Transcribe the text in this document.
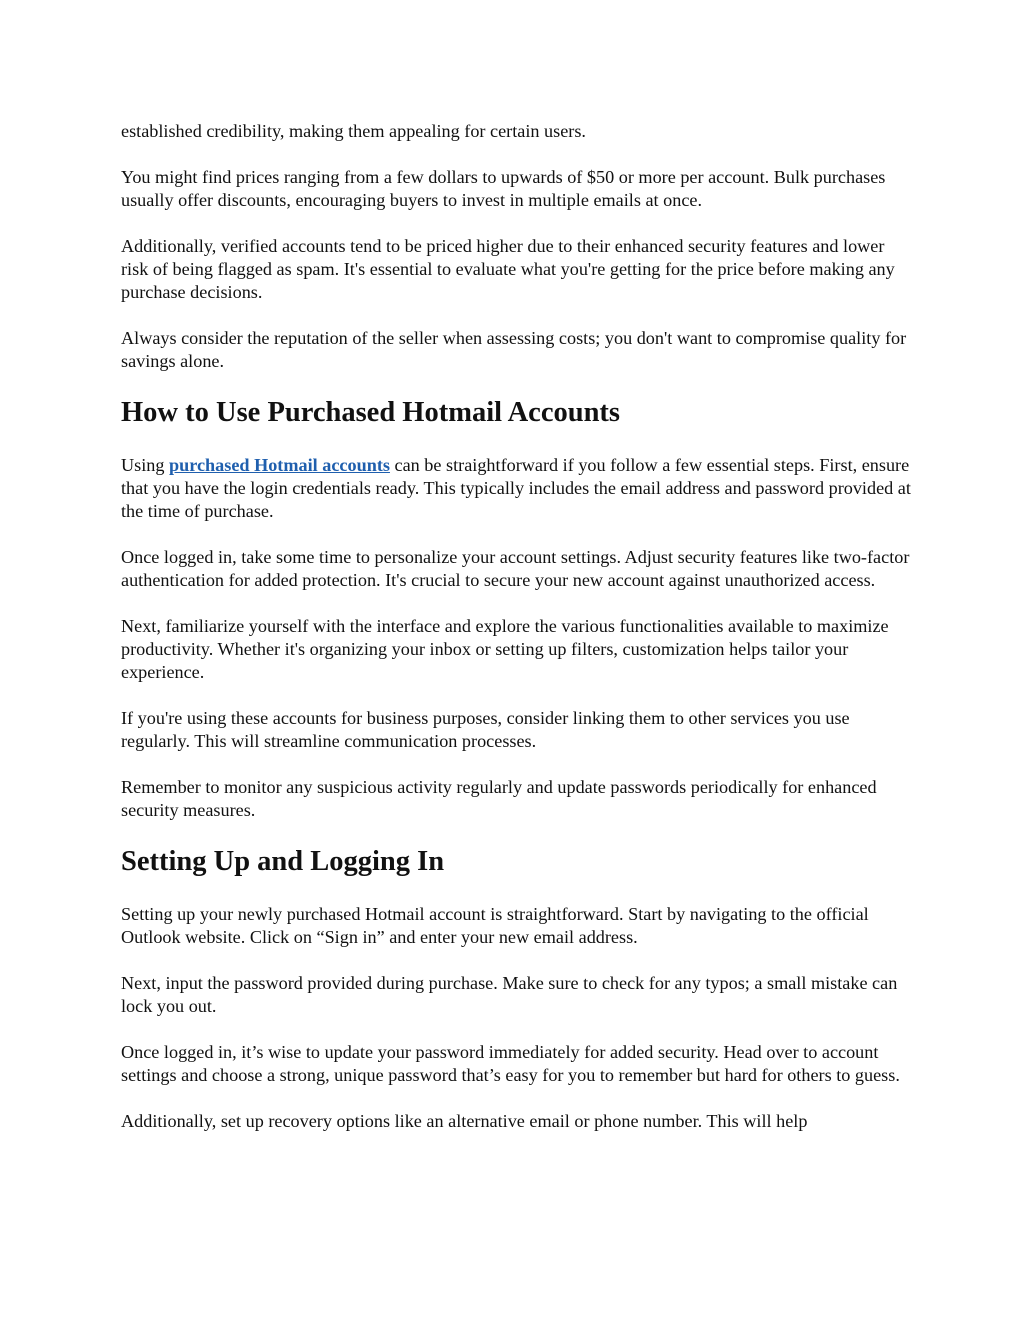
established credibility, making them appealing for certain users.

You might find prices ranging from a few dollars to upwards of $50 or more per account. Bulk purchases usually offer discounts, encouraging buyers to invest in multiple emails at once.

Additionally, verified accounts tend to be priced higher due to their enhanced security features and lower risk of being flagged as spam. It's essential to evaluate what you're getting for the price before making any purchase decisions.

Always consider the reputation of the seller when assessing costs; you don't want to compromise quality for savings alone.

How to Use Purchased Hotmail Accounts

Using purchased Hotmail accounts can be straightforward if you follow a few essential steps. First, ensure that you have the login credentials ready. This typically includes the email address and password provided at the time of purchase.

Once logged in, take some time to personalize your account settings. Adjust security features like two-factor authentication for added protection. It's crucial to secure your new account against unauthorized access.

Next, familiarize yourself with the interface and explore the various functionalities available to maximize productivity. Whether it's organizing your inbox or setting up filters, customization helps tailor your experience.

If you're using these accounts for business purposes, consider linking them to other services you use regularly. This will streamline communication processes.

Remember to monitor any suspicious activity regularly and update passwords periodically for enhanced security measures.

Setting Up and Logging In

Setting up your newly purchased Hotmail account is straightforward. Start by navigating to the official Outlook website. Click on “Sign in” and enter your new email address.

Next, input the password provided during purchase. Make sure to check for any typos; a small mistake can lock you out.

Once logged in, it’s wise to update your password immediately for added security. Head over to account settings and choose a strong, unique password that’s easy for you to remember but hard for others to guess.

Additionally, set up recovery options like an alternative email or phone number. This will help
